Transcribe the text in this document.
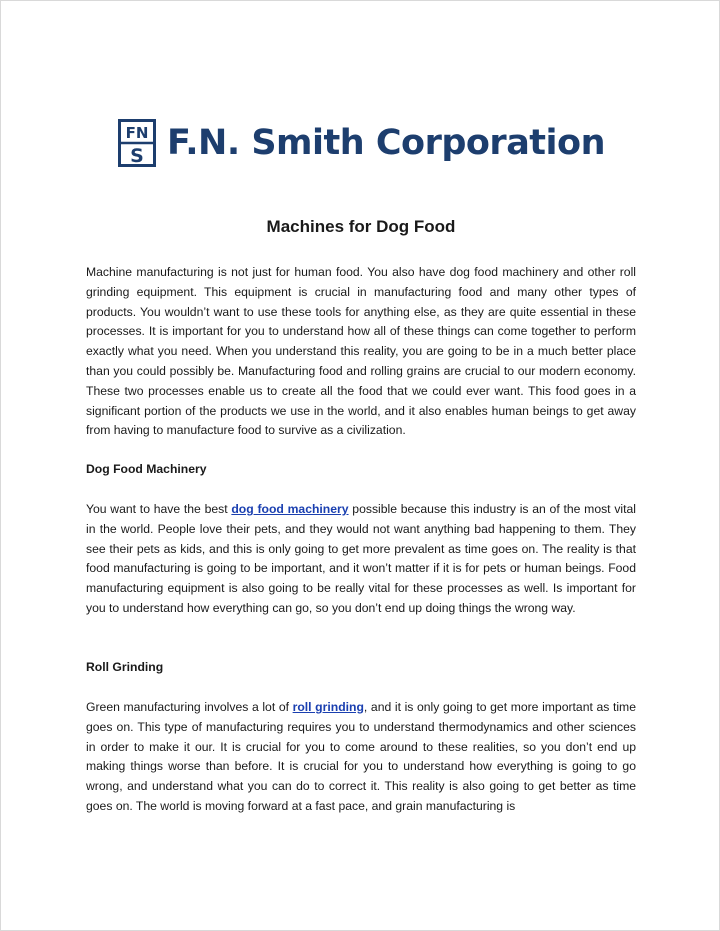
FN
S F.N. Smith Corporation
Machines for Dog Food

Machine manufacturing is not just for human food. You also have dog food machinery and other roll grinding equipment. This equipment is crucial in manufacturing food and many other types of products. You wouldn’t want to use these tools for anything else, as they are quite essential in these processes. It is important for you to understand how all of these things can come together to perform exactly what you need. When you understand this reality, you are going to be in a much better place than you could possibly be. Manufacturing food and rolling grains are crucial to our modern economy. These two processes enable us to create all the food that we could ever want. This food goes in a significant portion of the products we use in the world, and it also enables human beings to get away from having to manufacture food to survive as a civilization.

Dog Food Machinery

You want to have the best dog food machinery possible because this industry is an of the most vital in the world. People love their pets, and they would not want anything bad happening to them. They see their pets as kids, and this is only going to get more prevalent as time goes on. The reality is that food manufacturing is going to be important, and it won’t matter if it is for pets or human beings. Food manufacturing equipment is also going to be really vital for these processes as well. Is important for you to understand how everything can go, so you don’t end up doing things the wrong way.

Roll Grinding

Green manufacturing involves a lot of roll grinding, and it is only going to get more important as time goes on. This type of manufacturing requires you to understand thermodynamics and other sciences in order to make it our. It is crucial for you to come around to these realities, so you don’t end up making things worse than before. It is crucial for you to understand how everything is going to go wrong, and understand what you can do to correct it. This reality is also going to get better as time goes on. The world is moving forward at a fast pace, and grain manufacturing is
